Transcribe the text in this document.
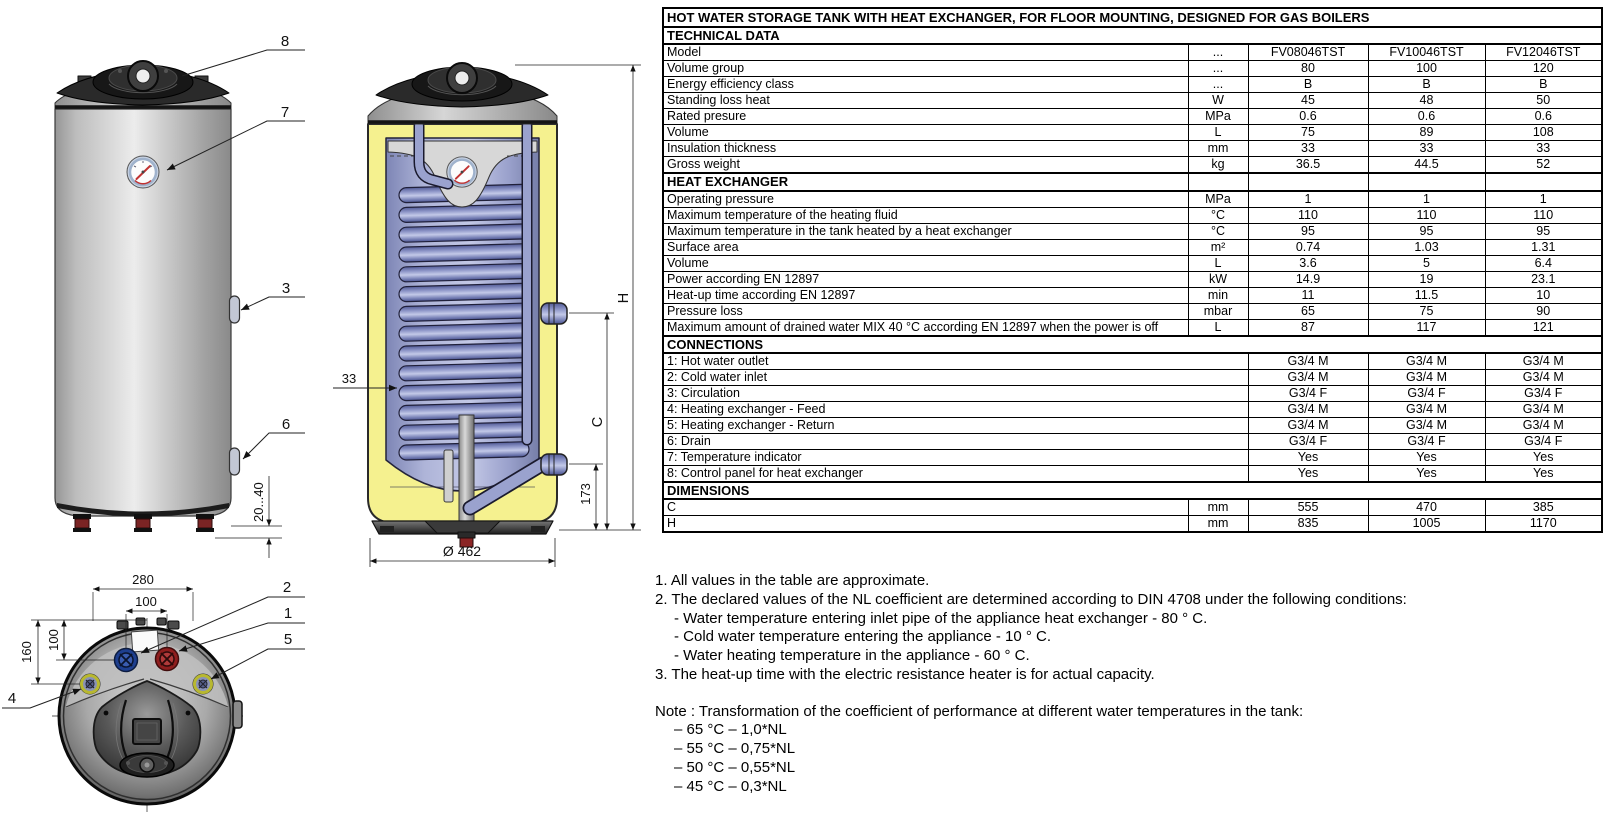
20...40
8
7
3
6
H
C
173
Ø 462
33
280
100
160
100
2
1
5
4
HOT WATER STORAGE TANK WITH HEAT EXCHANGER, FOR FLOOR MOUNTING, DESIGNED FOR GAS BOILERS				
TECHNICAL DATA				
Model	...	FV08046TST	FV10046TST	FV12046TST
Volume group	...	80	100	120
Energy efficiency class	...	B	B	B
Standing loss heat	W	45	48	50
Rated presure	MPa	0.6	0.6	0.6
Volume	L	75	89	108
Insulation thickness	mm	33	33	33
Gross weight	kg	36.5	44.5	52
HEAT EXCHANGER				
Operating pressure	MPa	1	1	1
Maximum temperature of the heating fluid	°C	110	110	110
Maximum temperature in the tank heated by a heat exchanger	°C	95	95	95
Surface area	m²	0.74	1.03	1.31
Volume	L	3.6	5	6.4
Power according EN 12897	kW	14.9	19	23.1
Heat-up time according EN 12897	min	11	11.5	10
Pressure loss	mbar	65	75	90
Maximum amount of drained water MIX 40 °C according EN 12897 when the power is off	L	87	117	121
CONNECTIONS				
1: Hot water outlet		G3/4 M	G3/4 M	G3/4 M
2: Cold water inlet		G3/4 M	G3/4 M	G3/4 M
3: Circulation		G3/4 F	G3/4 F	G3/4 F
4: Heating exchanger - Feed		G3/4 M	G3/4 M	G3/4 M
5: Heating exchanger - Return		G3/4 M	G3/4 M	G3/4 M
6: Drain		G3/4 F	G3/4 F	G3/4 F
7: Temperature indicator		Yes	Yes	Yes
8: Control panel for heat exchanger		Yes	Yes	Yes
DIMENSIONS				
C	mm	555	470	385
H	mm	835	1005	1170
1. All values in the table are approximate.
2. The declared values of the NL coefficient are determined according to DIN 4708 under the following conditions:
- Water temperature entering inlet pipe of the appliance heat exchanger - 80 ° C.
- Cold water temperature entering the appliance - 10 ° C.
- Water heating temperature in the appliance - 60 ° C.
3. The heat-up time with the electric resistance heater is for actual capacity.
Note : Transformation of the coefficient of performance at different water temperatures in the tank:
– 65 °C – 1,0*NL
– 55 °C – 0,75*NL
– 50 °C – 0,55*NL
– 45 °C – 0,3*NL
